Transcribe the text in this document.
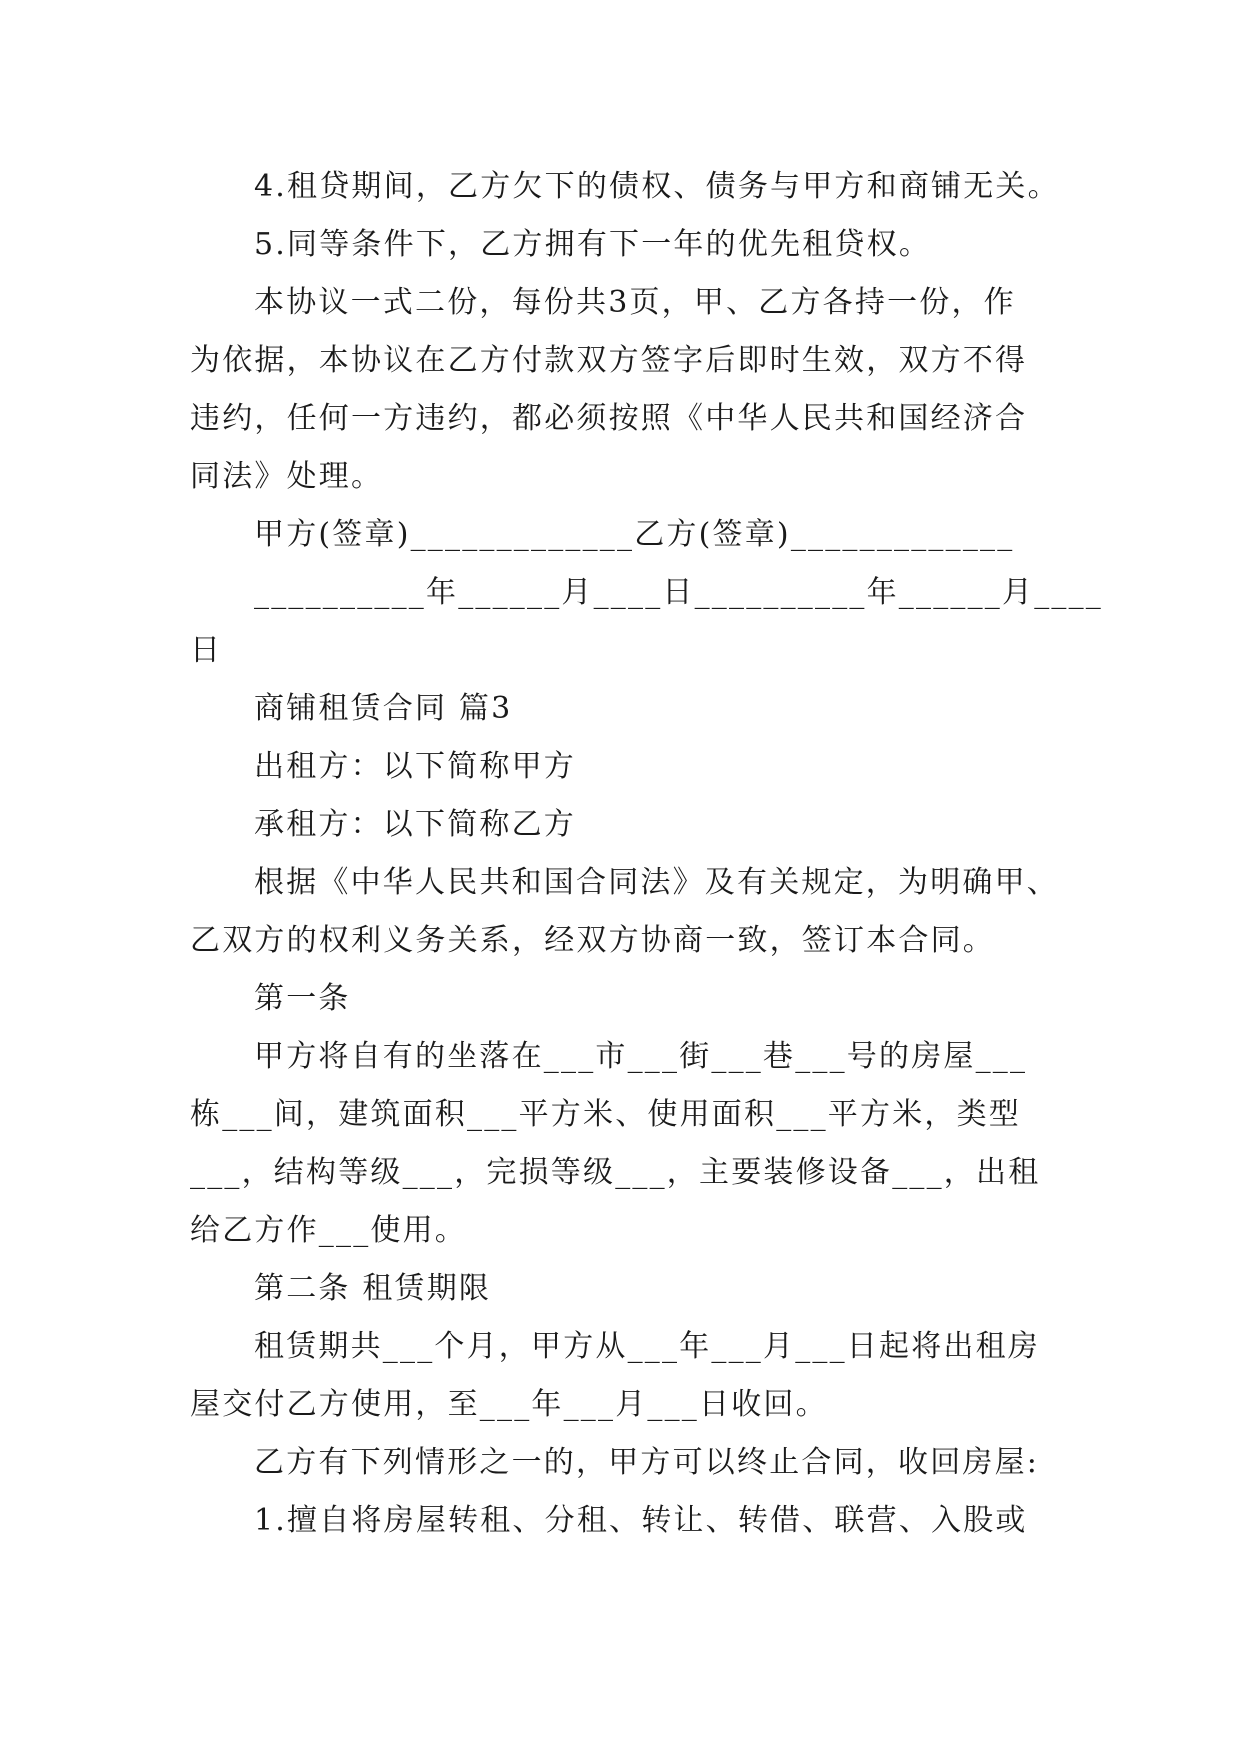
4.租贷期间，乙方欠下的债权、债务与甲方和商铺无关。
5.同等条件下，乙方拥有下一年的优先租贷权。
本协议一式二份，每份共3页，甲、乙方各持一份，作
为依据，本协议在乙方付款双方签字后即时生效，双方不得
违约，任何一方违约，都必须按照《中华人民共和国经济合
同法》处理。
甲方(签章)_____________乙方(签章)_____________
__________年______月____日__________年______月____
日
商铺租赁合同 篇3
出租方：以下简称甲方
承租方：以下简称乙方
根据《中华人民共和国合同法》及有关规定，为明确甲、
乙双方的权利义务关系，经双方协商一致，签订本合同。
第一条
甲方将自有的坐落在___市___街___巷___号的房屋___
栋___间，建筑面积___平方米、使用面积___平方米，类型
___，结构等级___，完损等级___，主要装修设备___，出租
给乙方作___使用。
第二条 租赁期限
租赁期共___个月，甲方从___年___月___日起将出租房
屋交付乙方使用，至___年___月___日收回。
乙方有下列情形之一的，甲方可以终止合同，收回房屋:
1.擅自将房屋转租、分租、转让、转借、联营、入股或
